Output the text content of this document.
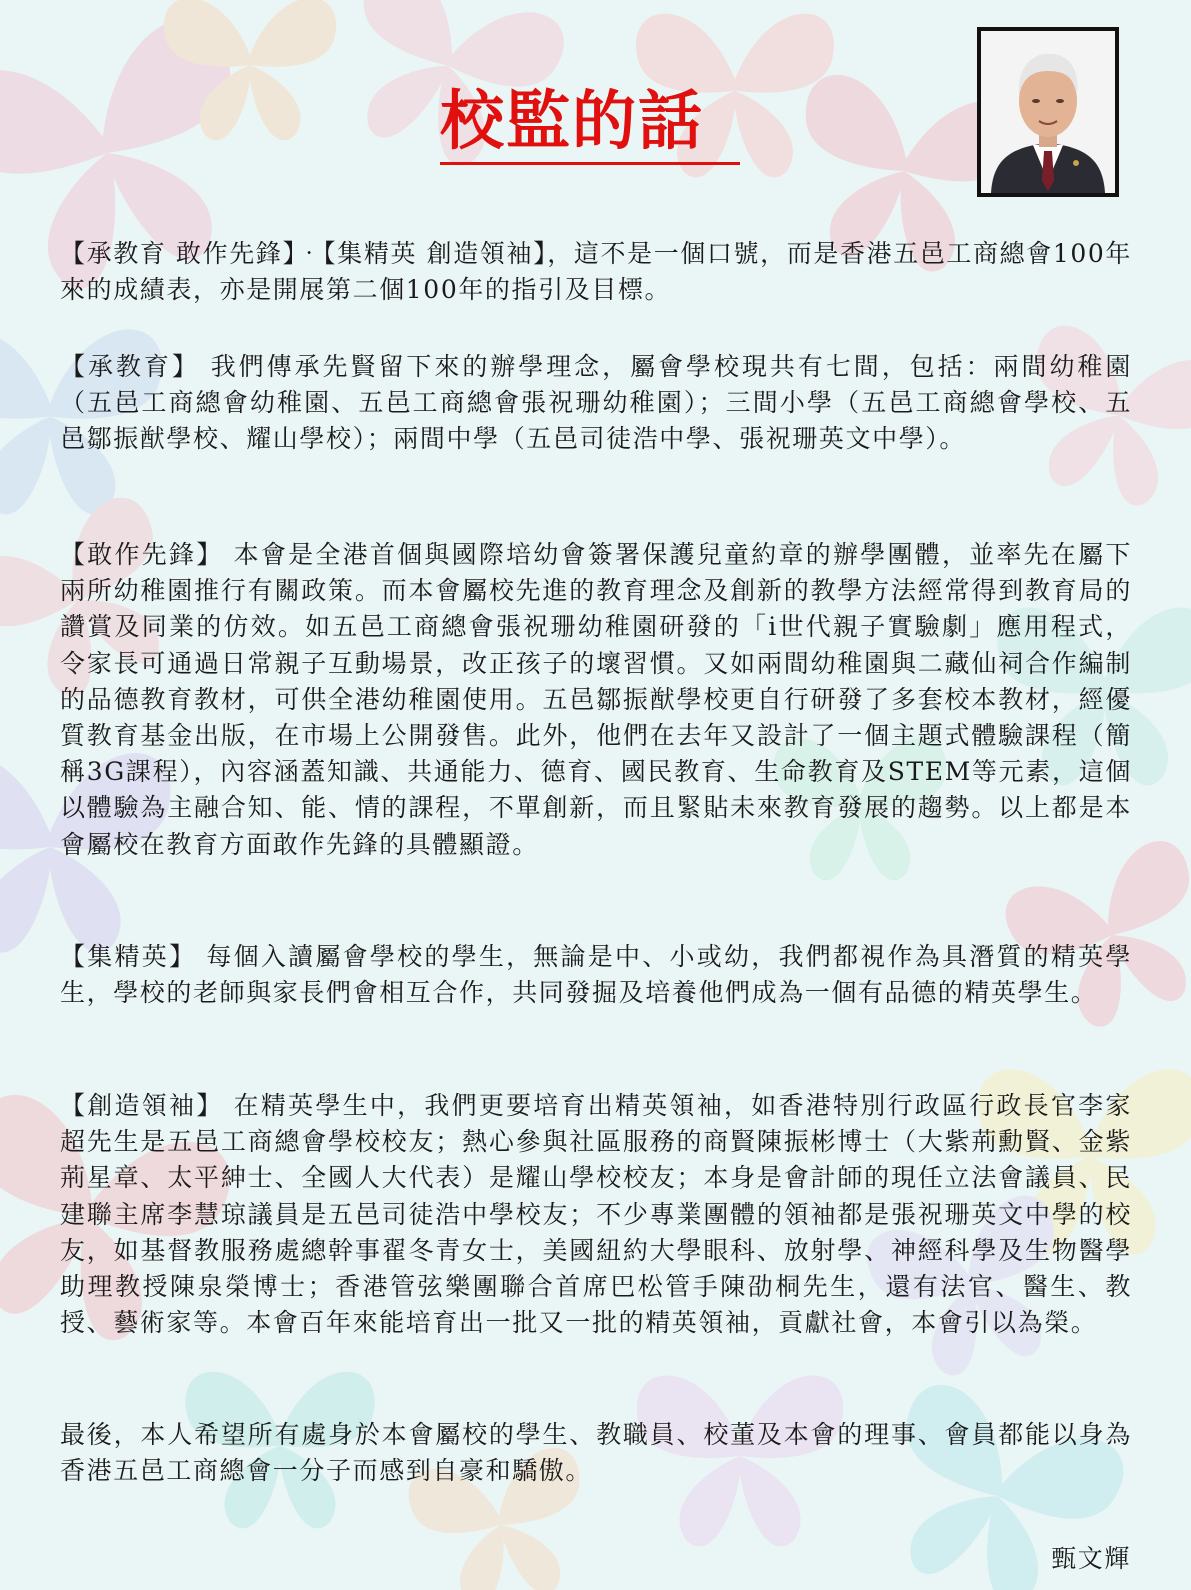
校監的話

【承教育 敢作先鋒】‧【集精英 創造領袖】，這不是一個口號，而是香港五邑工商總會100年來的成績表，亦是開展第二個100年的指引及目標。

【承教育】 我們傳承先賢留下來的辦學理念，屬會學校現共有七間，包括：兩間幼稚園（五邑工商總會幼稚園、五邑工商總會張祝珊幼稚園）；三間小學（五邑工商總會學校、五邑鄒振猷學校、耀山學校）；兩間中學（五邑司徒浩中學、張祝珊英文中學）。

【敢作先鋒】 本會是全港首個與國際培幼會簽署保護兒童約章的辦學團體，並率先在屬下兩所幼稚園推行有關政策。而本會屬校先進的教育理念及創新的教學方法經常得到教育局的讚賞及同業的仿效。如五邑工商總會張祝珊幼稚園研發的「i世代親子實驗劇」應用程式，令家長可通過日常親子互動場景，改正孩子的壞習慣。又如兩間幼稚園與二藏仙祠合作編制的品德教育教材，可供全港幼稚園使用。五邑鄒振猷學校更自行研發了多套校本教材，經優質教育基金出版，在市場上公開發售。此外，他們在去年又設計了一個主題式體驗課程（簡稱3G課程），內容涵蓋知識、共通能力、德育、國民教育、生命教育及STEM等元素，這個以體驗為主融合知、能、情的課程，不單創新，而且緊貼未來教育發展的趨勢。以上都是本會屬校在教育方面敢作先鋒的具體顯證。

【集精英】 每個入讀屬會學校的學生，無論是中、小或幼，我們都視作為具潛質的精英學生，學校的老師與家長們會相互合作，共同發掘及培養他們成為一個有品德的精英學生。

【創造領袖】 在精英學生中，我們更要培育出精英領袖，如香港特別行政區行政長官李家超先生是五邑工商總會學校校友；熱心參與社區服務的商賢陳振彬博士（大紫荊勳賢、金紫荊星章、太平紳士、全國人大代表）是耀山學校校友；本身是會計師的現任立法會議員、民建聯主席李慧琼議員是五邑司徒浩中學校友；不少專業團體的領袖都是張祝珊英文中學的校友，如基督教服務處總幹事翟冬青女士，美國紐約大學眼科、放射學、神經科學及生物醫學助理教授陳泉榮博士；香港管弦樂團聯合首席巴松管手陳劭桐先生，還有法官、醫生、教授、藝術家等。本會百年來能培育出一批又一批的精英領袖，貢獻社會，本會引以為榮。

最後，本人希望所有處身於本會屬校的學生、教職員、校董及本會的理事、會員都能以身為香港五邑工商總會一分子而感到自豪和驕傲。

甄文輝
